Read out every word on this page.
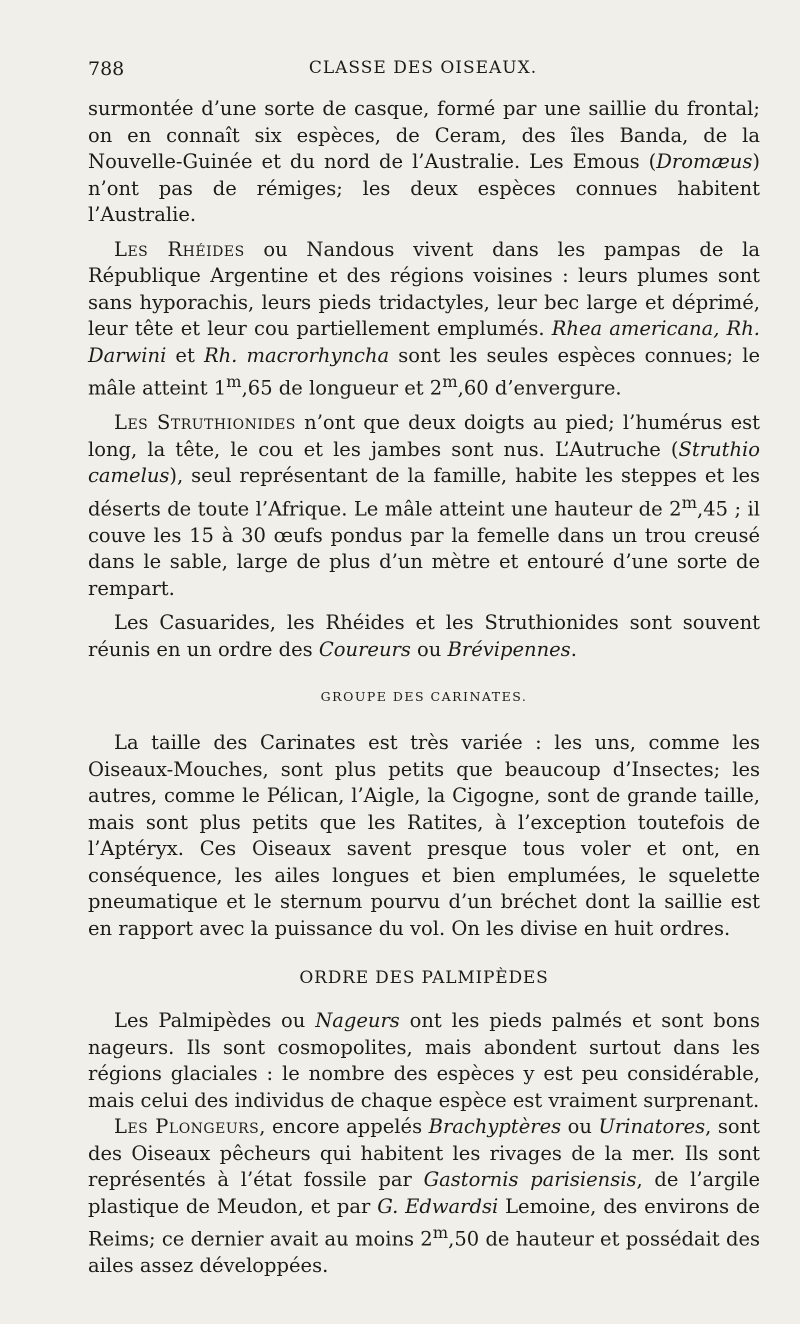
788	CLASSE DES OISEAUX.

surmontée d’une sorte de casque, formé par une saillie du frontal; on en connaît six espèces, de Ceram, des îles Banda, de la Nouvelle-Guinée et du nord de l’Australie. Les Emous (Dromæus) n’ont pas de rémiges; les deux espèces connues habitent l’Australie.

Les Rhéides ou Nandous vivent dans les pampas de la République Argentine et des régions voisines : leurs plumes sont sans hyporachis, leurs pieds tridactyles, leur bec large et déprimé, leur tête et leur cou partiellement emplumés. Rhea americana, Rh. Darwini et Rh. macrorhyncha sont les seules espèces connues; le mâle atteint 1$^m$,65 de longueur et 2$^m$,60 d’envergure.

Les Struthionides n’ont que deux doigts au pied; l’humérus est long, la tête, le cou et les jambes sont nus. L’Autruche (Struthio camelus), seul représentant de la famille, habite les steppes et les déserts de toute l’Afrique. Le mâle atteint une hauteur de 2$^m$,45 ; il couve les 15 à 30 œufs pondus par la femelle dans un trou creusé dans le sable, large de plus d’un mètre et entouré d’une sorte de rempart.

Les Casuarides, les Rhéides et les Struthionides sont souvent réunis en un ordre des Coureurs ou Brévipennes.

GROUPE DES CARINATES.

La taille des Carinates est très variée : les uns, comme les Oiseaux-Mouches, sont plus petits que beaucoup d’Insectes; les autres, comme le Pélican, l’Aigle, la Cigogne, sont de grande taille, mais sont plus petits que les Ratites, à l’exception toutefois de l’Aptéryx. Ces Oiseaux savent presque tous voler et ont, en conséquence, les ailes longues et bien emplumées, le squelette pneumatique et le sternum pourvu d’un bréchet dont la saillie est en rapport avec la puissance du vol. On les divise en huit ordres.

ORDRE DES PALMIPÈDES

Les Palmipèdes ou Nageurs ont les pieds palmés et sont bons nageurs. Ils sont cosmopolites, mais abondent surtout dans les régions glaciales : le nombre des espèces y est peu considérable, mais celui des individus de chaque espèce est vraiment surprenant.

Les Plongeurs, encore appelés Brachyptères ou Urinatores, sont des Oiseaux pêcheurs qui habitent les rivages de la mer. Ils sont représentés à l’état fossile par Gastornis parisiensis, de l’argile plastique de Meudon, et par G. Edwardsi Lemoine, des environs de Reims; ce dernier avait au moins 2$^m$,50 de hauteur et possédait des ailes assez développées.
